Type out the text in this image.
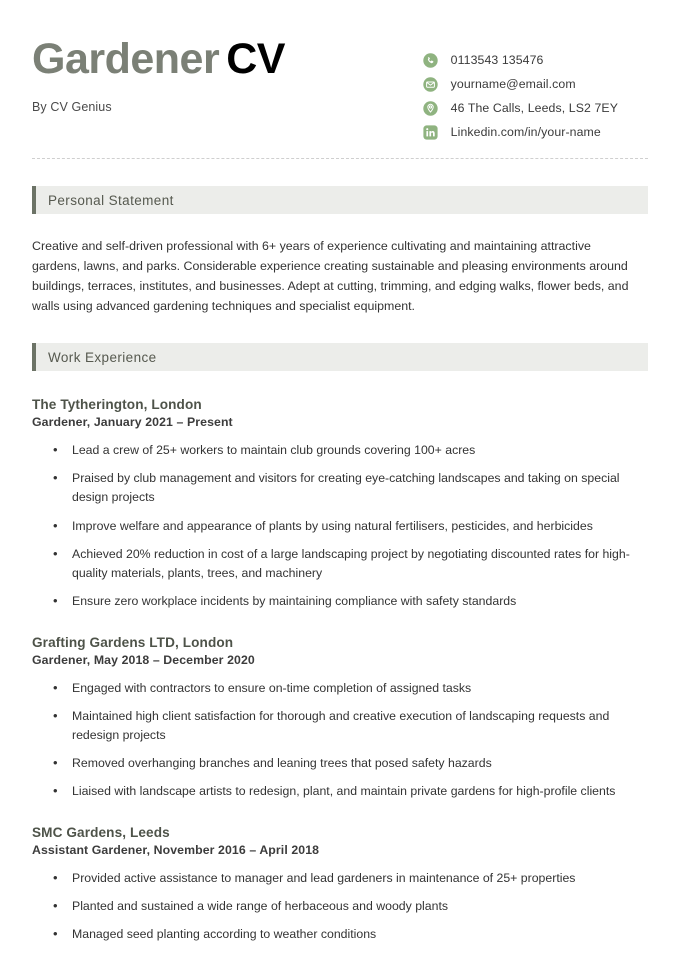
Gardener CV
By CV Genius
0113543 135476
yourname@email.com
46 The Calls, Leeds, LS2 7EY
Linkedin.com/in/your-name
Personal Statement
Creative and self-driven professional with 6+ years of experience cultivating and maintaining attractive gardens, lawns, and parks. Considerable experience creating sustainable and pleasing environments around buildings, terraces, institutes, and businesses. Adept at cutting, trimming, and edging walks, flower beds, and walls using advanced gardening techniques and specialist equipment.
Work Experience
The Tytherington, London
Gardener, January 2021 – Present
• Lead a crew of 25+ workers to maintain club grounds covering 100+ acres
• Praised by club management and visitors for creating eye-catching landscapes and taking on special design projects
• Improve welfare and appearance of plants by using natural fertilisers, pesticides, and herbicides
• Achieved 20% reduction in cost of a large landscaping project by negotiating discounted rates for high-quality materials, plants, trees, and machinery
• Ensure zero workplace incidents by maintaining compliance with safety standards
Grafting Gardens LTD, London
Gardener, May 2018 – December 2020
• Engaged with contractors to ensure on-time completion of assigned tasks
• Maintained high client satisfaction for thorough and creative execution of landscaping requests and redesign projects
• Removed overhanging branches and leaning trees that posed safety hazards
• Liaised with landscape artists to redesign, plant, and maintain private gardens for high-profile clients
SMC Gardens, Leeds
Assistant Gardener, November 2016 – April 2018
• Provided active assistance to manager and lead gardeners in maintenance of 25+ properties
• Planted and sustained a wide range of herbaceous and woody plants
• Managed seed planting according to weather conditions
